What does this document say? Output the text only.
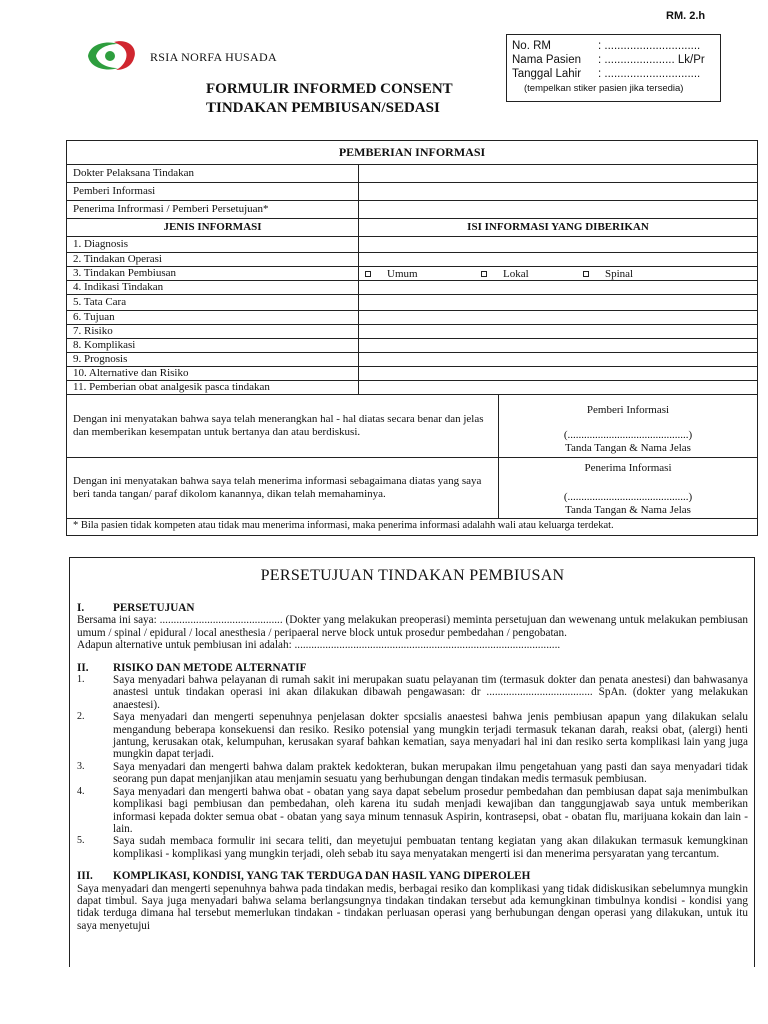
RM. 2.h
RSIA NORFA HUSADA
FORMULIR INFORMED CONSENT
TINDAKAN PEMBIUSAN/SEDASI
No. RM	: ..............................
Nama Pasien	: ...................... Lk/Pr
Tanggal Lahir	: ..............................
(tempelkan stiker pasien jika tersedia)
PEMBERIAN INFORMASI
Dokter Pelaksana Tindakan
Pemberi Informasi
Penerima Infrormasi / Pemberi Persetujuan*
JENIS INFORMASI	ISI INFORMASI YANG DIBERIKAN
1. Diagnosis
2. Tindakan Operasi
3. Tindakan Pembiusan	Umum	Lokal	Spinal
4. Indikasi Tindakan
5. Tata Cara
6. Tujuan
7. Risiko
8. Komplikasi
9. Prognosis
10. Alternative dan Risiko
11. Pemberian obat analgesik pasca tindakan
Dengan ini menyatakan bahwa saya telah menerangkan hal - hal diatas secara benar dan jelas dan memberikan kesempatan untuk bertanya dan atau berdiskusi.
Pemberi Informasi
(............................................)
Tanda Tangan & Nama Jelas
Dengan ini menyatakan bahwa saya telah menerima informasi sebagaimana diatas yang saya beri tanda tangan/ paraf dikolom kanannya, dikan telah memahaminya.
Penerima Informasi
(............................................)
Tanda Tangan & Nama Jelas
* Bila pasien tidak kompeten atau tidak mau menerima informasi, maka penerima informasi adalahh wali atau keluarga terdekat.
PERSETUJUAN TINDAKAN PEMBIUSAN
I.	PERSETUJUAN
Bersama ini saya: ............................................ (Dokter yang melakukan preoperasi) meminta persetujuan dan wewenang untuk melakukan pembiusan umum / spinal / epidural / local anesthesia / peripaeral nerve block untuk prosedur pembedahan / pengobatan.
Adapun alternative untuk pembiusan ini adalah: ...............................................................................................
II.	RISIKO DAN METODE ALTERNATIF
1.	Saya menyadari bahwa pelayanan di rumah sakit ini merupakan suatu pelayanan tim (termasuk dokter dan penata anestesi) dan bahwasanya anastesi untuk tindakan operasi ini akan dilakukan dibawah pengawasan: dr ...................................... SpAn. (dokter yang melakukan anaestesi).
2.	Saya menyadari dan mengerti sepenuhnya penjelasan dokter spcsialis anaestesi bahwa jenis pembiusan apapun yang dilakukan selalu mengandung beberapa konsekuensi dan resiko. Resiko potensial yang mungkin terjadi termasuk tekanan darah, reaksi obat, (alergi) henti jantung, kerusakan otak, kelumpuhan, kerusakan syaraf bahkan kematian, saya menyadari hal ini dan resiko serta komplikasi lain yang juga mungkin dapat terjadi.
3.	Saya menyadari dan mengerti bahwa dalam praktek kedokteran, bukan merupakan ilmu pengetahuan yang pasti dan saya menyadari tidak seorang pun dapat menjanjikan atau menjamin sesuatu yang berhubungan dengan tindakan medis termasuk pembiusan.
4.	Saya menyadari dan mengerti bahwa obat - obatan yang saya dapat sebelum prosedur pembedahan dan pembiusan dapat saja menimbulkan komplikasi bagi pembiusan dan pembedahan, oleh karena itu sudah menjadi kewajiban dan tanggungjawab saya untuk memberikan informasi kepada dokter semua obat - obatan yang saya minum tennasuk Aspirin, kontrasepsi, obat - obatan flu, marijuana kokain dan lain - lain.
5.	Saya sudah membaca formulir ini secara teliti, dan meyetujui pembuatan tentang kegiatan yang akan dilakukan termasuk kemungkinan komplikasi - komplikasi yang mungkin terjadi, oleh sebab itu saya menyatakan mengerti isi dan menerima persyaratan yang tercantum.
III.	KOMPLIKASI, KONDISI, YANG TAK TERDUGA DAN HASIL YANG DIPEROLEH
Saya menyadari dan mengerti sepenuhnya bahwa pada tindakan medis, berbagai resiko dan komplikasi yang tidak didiskusikan sebelumnya mungkin dapat timbul. Saya juga menyadari bahwa selama berlangsungnya tindakan tindakan tersebut ada kemungkinan timbulnya kondisi - kondisi yang tidak terduga dimana hal tersebut memerlukan tindakan - tindakan perluasan operasi yang berhubungan dengan operasi yang dilakukan, untuk itu saya menyetujui
